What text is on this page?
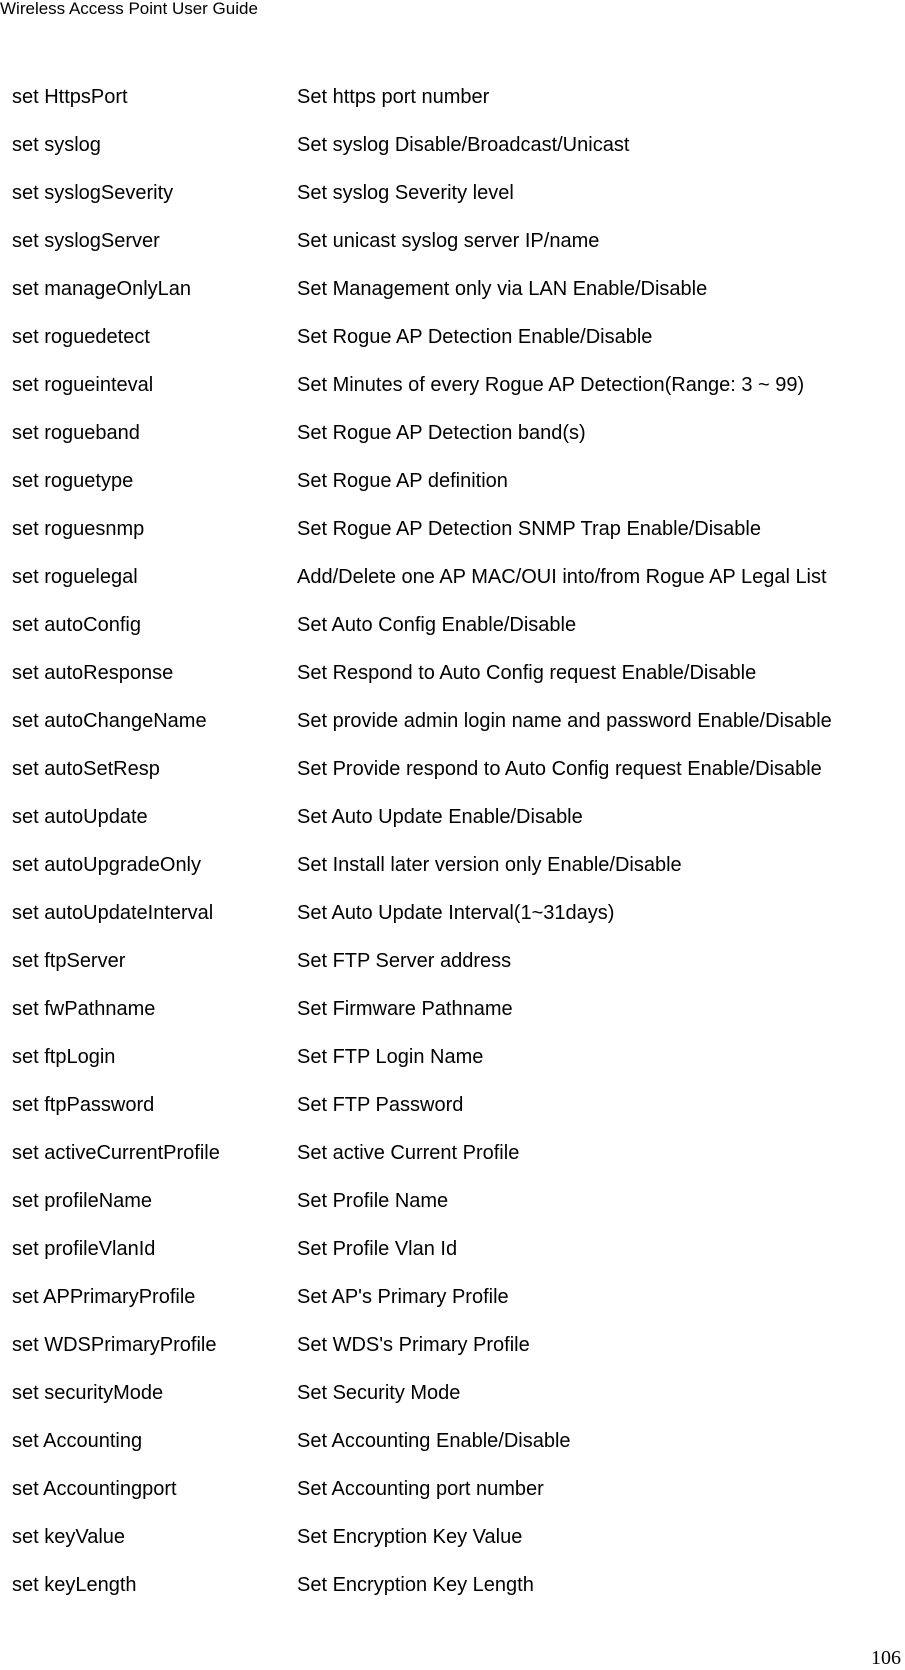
Wireless Access Point User Guide
set HttpsPort	Set https port number
set syslog	Set syslog Disable/Broadcast/Unicast
set syslogSeverity	Set syslog Severity level
set syslogServer	Set unicast syslog server IP/name
set manageOnlyLan	Set Management only via LAN Enable/Disable
set roguedetect	Set Rogue AP Detection Enable/Disable
set rogueinteval	Set Minutes of every Rogue AP Detection(Range: 3 ~ 99)
set rogueband	Set Rogue AP Detection band(s)
set roguetype	Set Rogue AP definition
set roguesnmp	Set Rogue AP Detection SNMP Trap Enable/Disable
set roguelegal	Add/Delete one AP MAC/OUI into/from Rogue AP Legal List
set autoConfig	Set Auto Config Enable/Disable
set autoResponse	Set Respond to Auto Config request Enable/Disable
set autoChangeName	Set provide admin login name and password Enable/Disable
set autoSetResp	Set Provide respond to Auto Config request Enable/Disable
set autoUpdate	Set Auto Update Enable/Disable
set autoUpgradeOnly	Set Install later version only Enable/Disable
set autoUpdateInterval	Set Auto Update Interval(1~31days)
set ftpServer	Set FTP Server address
set fwPathname	Set Firmware Pathname
set ftpLogin	Set FTP Login Name
set ftpPassword	Set FTP Password
set activeCurrentProfile	Set active Current Profile
set profileName	Set Profile Name
set profileVlanId	Set Profile Vlan Id
set APPrimaryProfile	Set AP's Primary Profile
set WDSPrimaryProfile	Set WDS's Primary Profile
set securityMode	Set Security Mode
set Accounting	Set Accounting Enable/Disable
set Accountingport	Set Accounting port number
set keyValue	Set Encryption Key Value
set keyLength	Set Encryption Key Length
106
